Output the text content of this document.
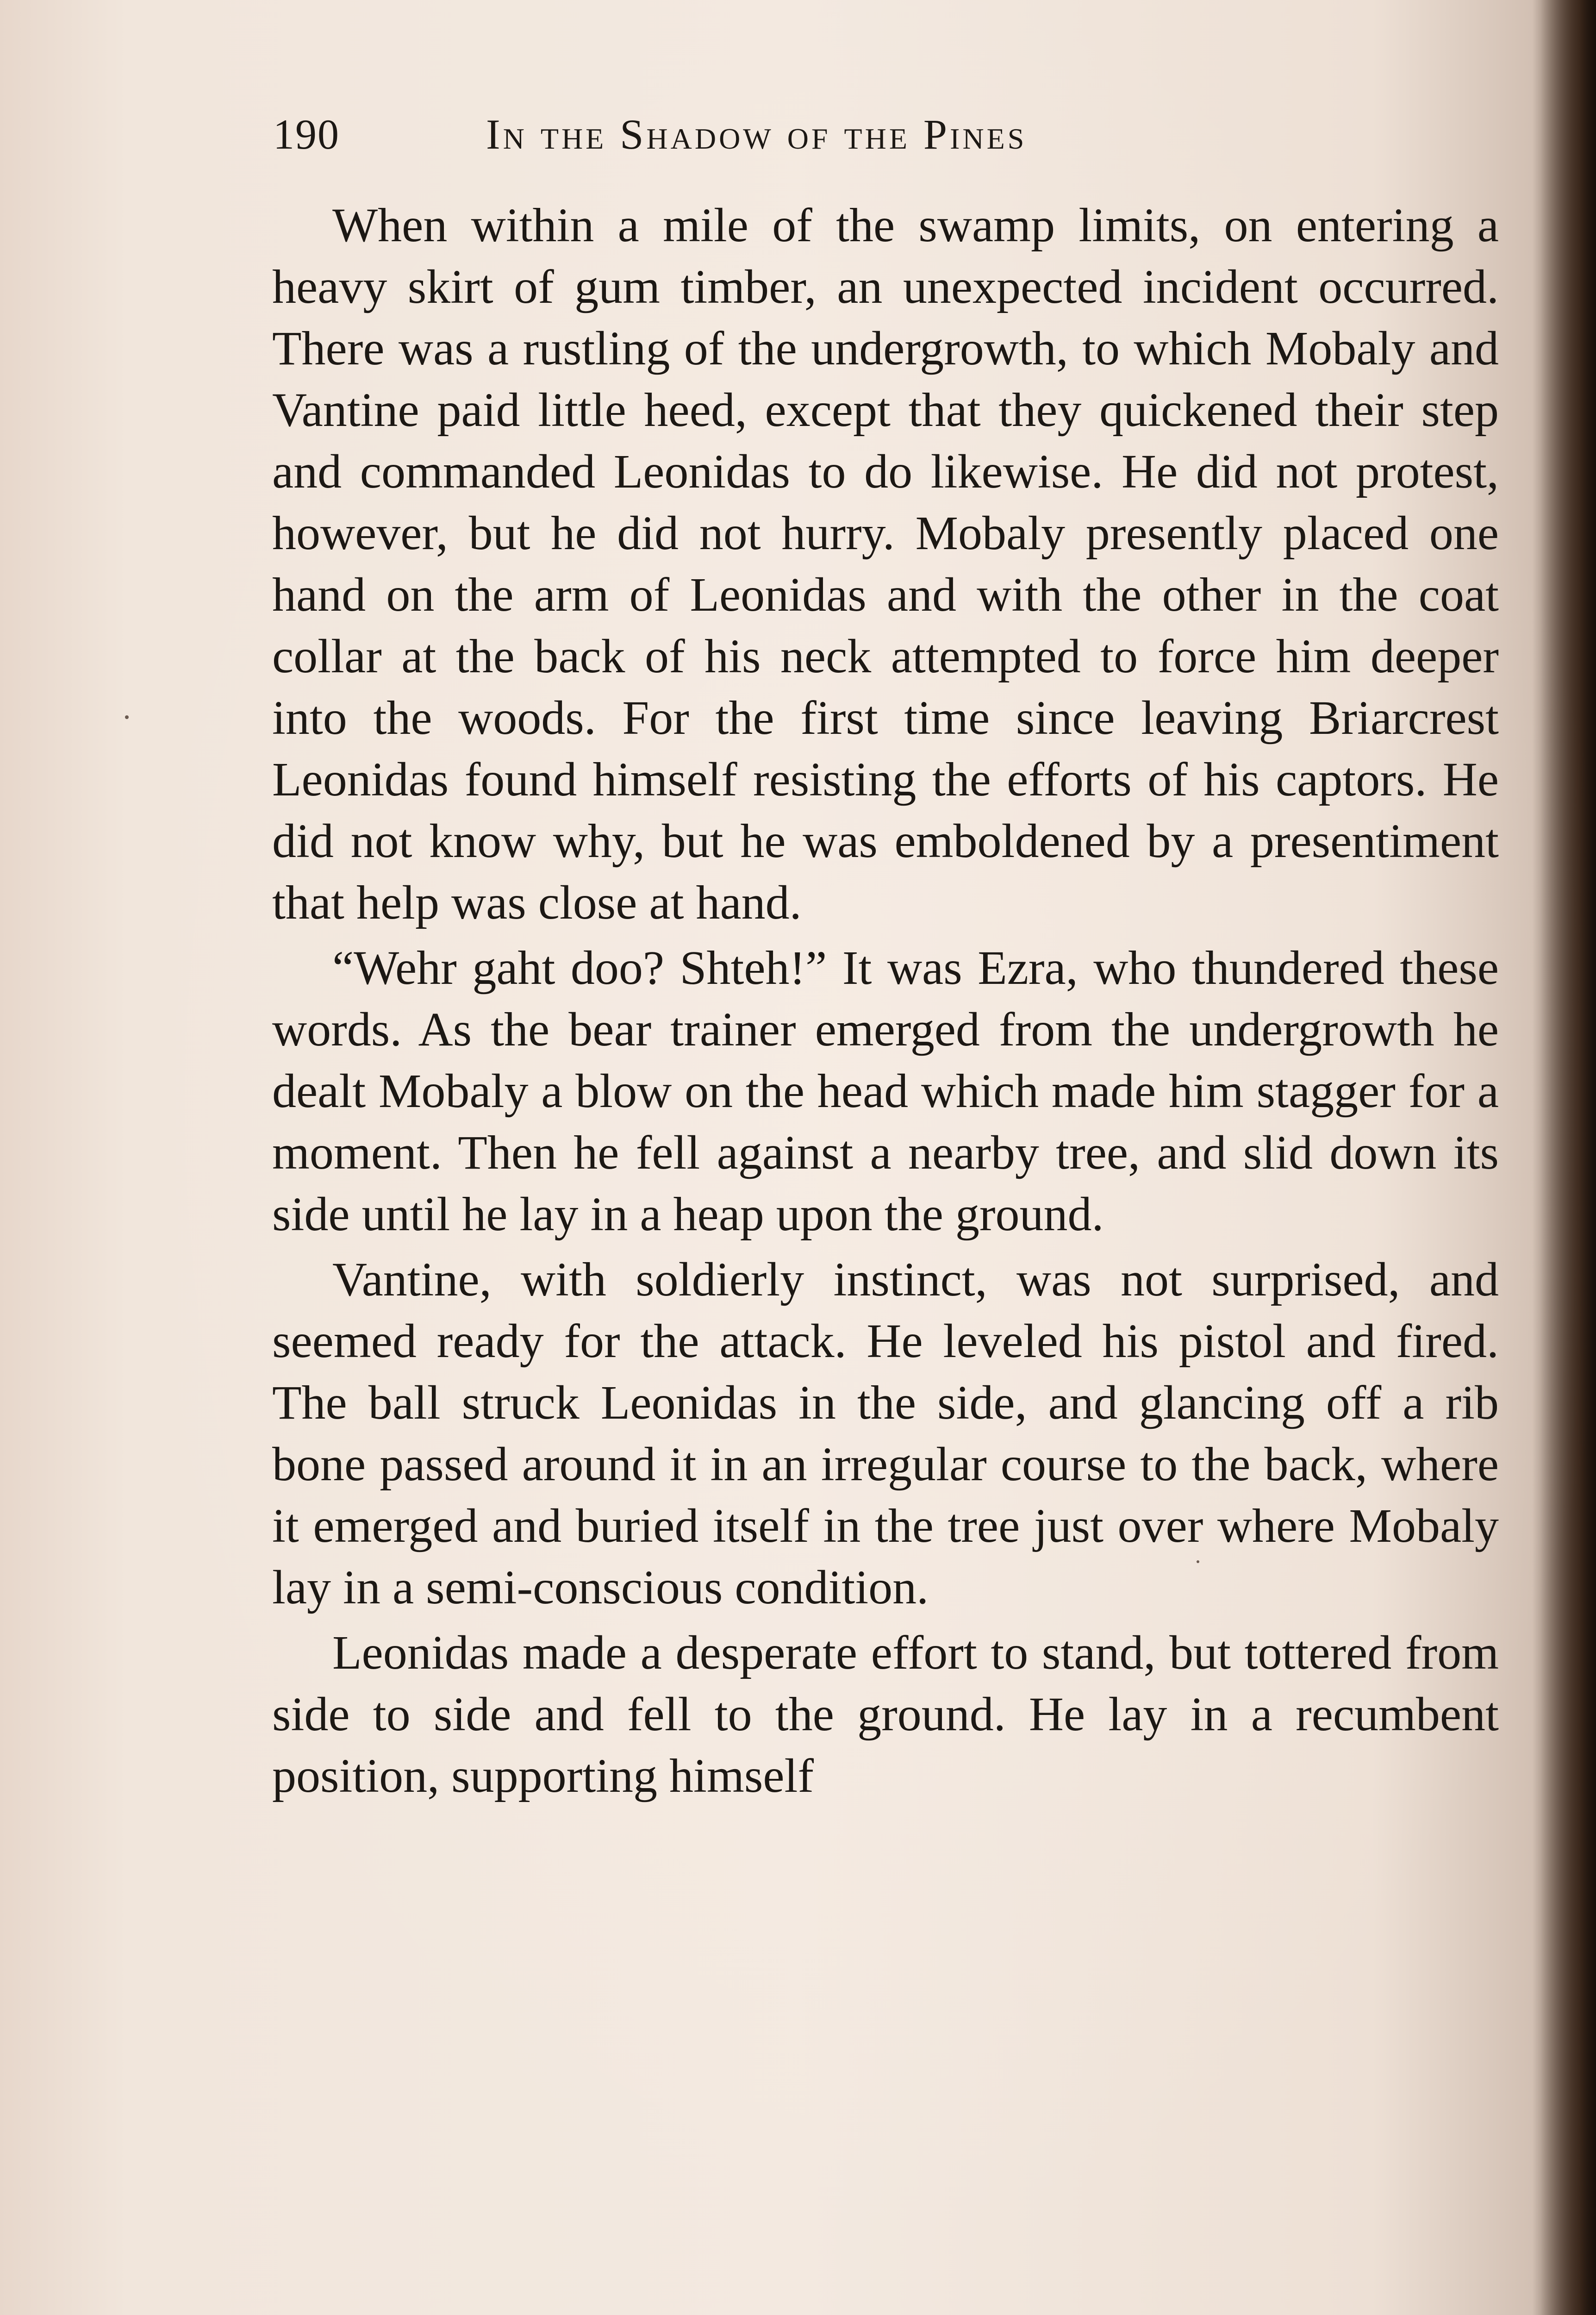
190	In the Shadow of the Pines

When within a mile of the swamp limits, on entering a heavy skirt of gum timber, an unexpected incident occurred. There was a rustling of the undergrowth, to which Mobaly and Vantine paid little heed, except that they quickened their step and commanded Leonidas to do likewise. He did not protest, however, but he did not hurry. Mobaly presently placed one hand on the arm of Leonidas and with the other in the coat collar at the back of his neck attempted to force him deeper into the woods. For the first time since leaving Briarcrest Leonidas found himself resisting the efforts of his captors. He did not know why, but he was emboldened by a presentiment that help was close at hand.

“Wehr gaht doo? Shteh!” It was Ezra, who thundered these words. As the bear trainer emerged from the undergrowth he dealt Mobaly a blow on the head which made him stagger for a moment. Then he fell against a nearby tree, and slid down its side until he lay in a heap upon the ground.

Vantine, with soldierly instinct, was not surprised, and seemed ready for the attack. He leveled his pistol and fired. The ball struck Leonidas in the side, and glancing off a rib bone passed around it in an irregular course to the back, where it emerged and buried itself in the tree just over where Mobaly lay in a semi-conscious condition.

Leonidas made a desperate effort to stand, but tottered from side to side and fell to the ground. He lay in a recumbent position, supporting himself
